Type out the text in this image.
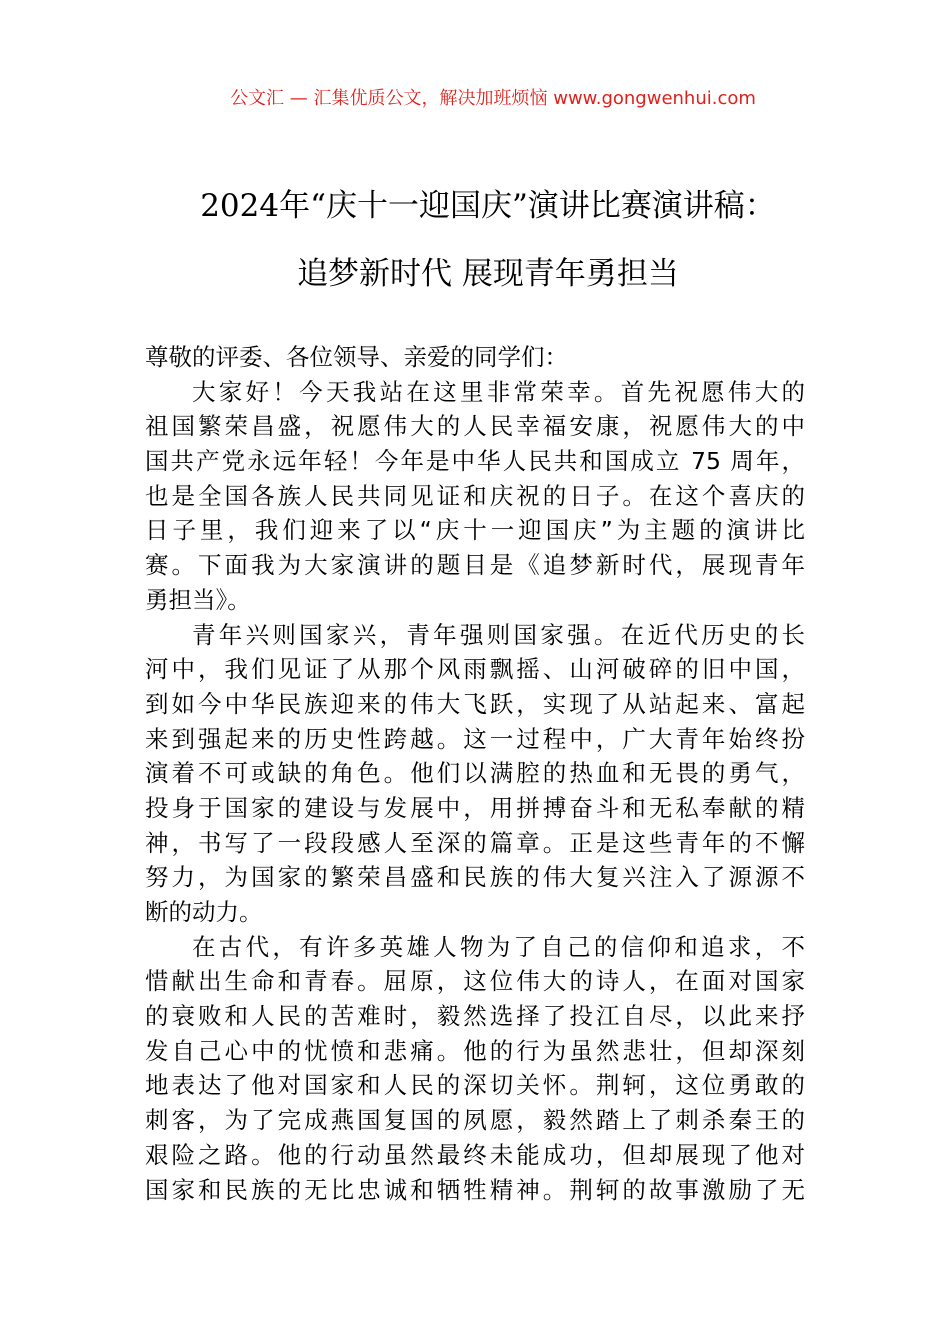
公文汇 — 汇集优质公文，解决加班烦恼 www.gongwenhui.com
2024年“庆十一迎国庆”演讲比赛演讲稿：
追梦新时代 展现青年勇担当
尊敬的评委、各位领导、亲爱的同学们：
大家好！今天我站在这里非常荣幸。首先祝愿伟大的
祖国繁荣昌盛，祝愿伟大的人民幸福安康，祝愿伟大的中
国共产党永远年轻！今年是中华人民共和国成立 75 周年，
也是全国各族人民共同见证和庆祝的日子。在这个喜庆的
日子里，我们迎来了以“庆十一迎国庆”为主题的演讲比
赛。下面我为大家演讲的题目是《追梦新时代，展现青年
勇担当》。
青年兴则国家兴，青年强则国家强。在近代历史的长
河中，我们见证了从那个风雨飘摇、山河破碎的旧中国，
到如今中华民族迎来的伟大飞跃，实现了从站起来、富起
来到强起来的历史性跨越。这一过程中，广大青年始终扮
演着不可或缺的角色。他们以满腔的热血和无畏的勇气，
投身于国家的建设与发展中，用拼搏奋斗和无私奉献的精
神，书写了一段段感人至深的篇章。正是这些青年的不懈
努力，为国家的繁荣昌盛和民族的伟大复兴注入了源源不
断的动力。
在古代，有许多英雄人物为了自己的信仰和追求，不
惜献出生命和青春。屈原，这位伟大的诗人，在面对国家
的衰败和人民的苦难时，毅然选择了投江自尽，以此来抒
发自己心中的忧愤和悲痛。他的行为虽然悲壮，但却深刻
地表达了他对国家和人民的深切关怀。荆轲，这位勇敢的
刺客，为了完成燕国复国的夙愿，毅然踏上了刺杀秦王的
艰险之路。他的行动虽然最终未能成功，但却展现了他对
国家和民族的无比忠诚和牺牲精神。荆轲的故事激励了无
